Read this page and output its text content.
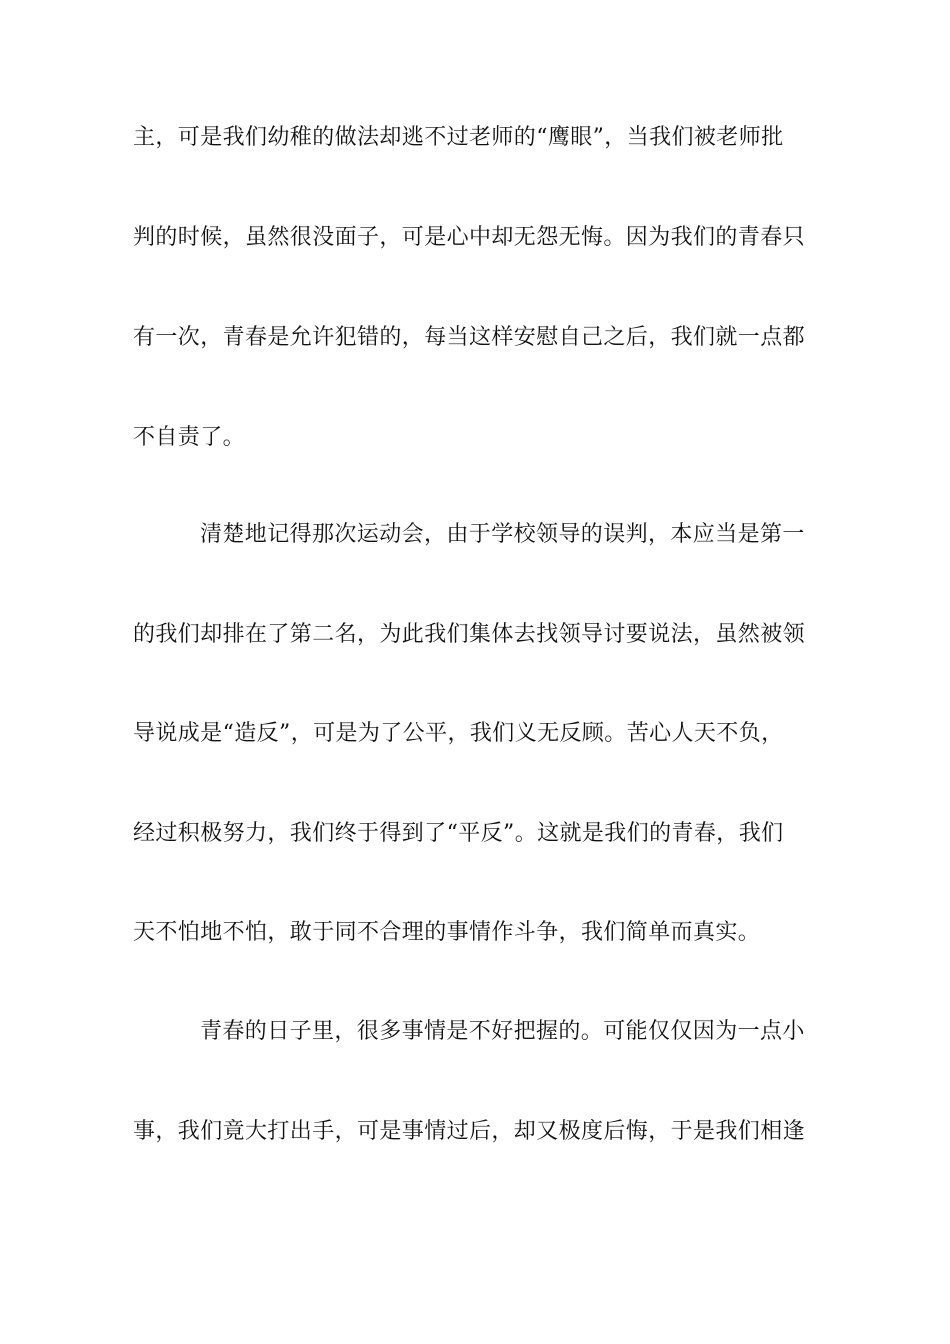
主，可是我们幼稚的做法却逃不过老师的“鹰眼”，当我们被老师批
判的时候，虽然很没面子，可是心中却无怨无悔。因为我们的青春只
有一次，青春是允许犯错的，每当这样安慰自己之后，我们就一点都
不自责了。
清楚地记得那次运动会，由于学校领导的误判，本应当是第一
的我们却排在了第二名，为此我们集体去找领导讨要说法，虽然被领
导说成是“造反”，可是为了公平，我们义无反顾。苦心人天不负，
经过积极努力，我们终于得到了“平反”。这就是我们的青春，我们
天不怕地不怕，敢于同不合理的事情作斗争，我们简单而真实。
青春的日子里，很多事情是不好把握的。可能仅仅因为一点小
事，我们竟大打出手，可是事情过后，却又极度后悔，于是我们相逢
